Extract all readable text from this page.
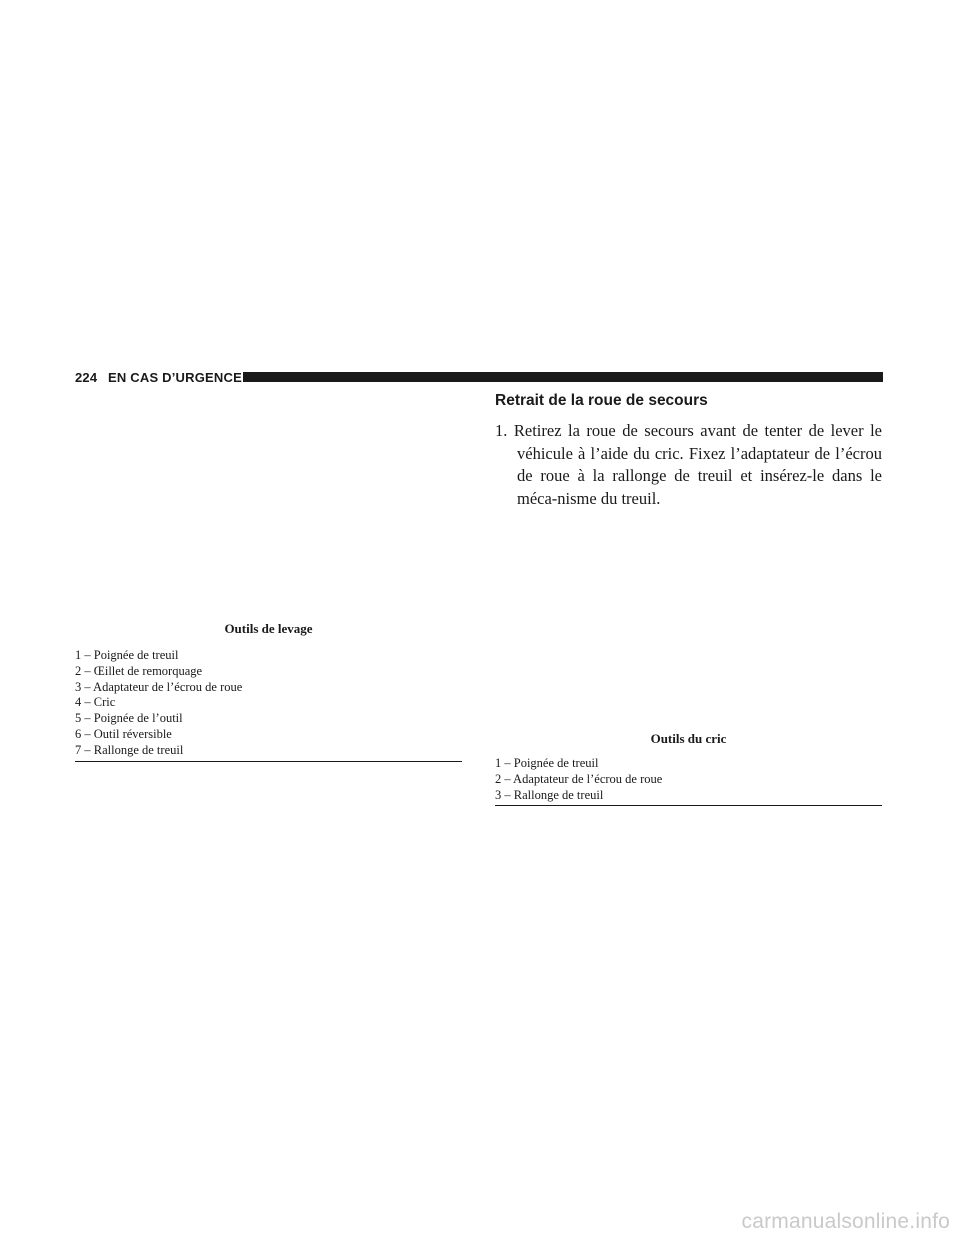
224 EN CAS D’URGENCE
Outils de levage
1 – Poignée de treuil
2 – Œillet de remorquage
3 – Adaptateur de l’écrou de roue
4 – Cric
5 – Poignée de l’outil
6 – Outil réversible
7 – Rallonge de treuil
Retrait de la roue de secours
1. Retirez la roue de secours avant de tenter de lever le véhicule à l’aide du cric. Fixez l’adaptateur de l’écrou de roue à la rallonge de treuil et insérez-le dans le méca-nisme du treuil.
Outils du cric
1 – Poignée de treuil
2 – Adaptateur de l’écrou de roue
3 – Rallonge de treuil
carmanualsonline.info
